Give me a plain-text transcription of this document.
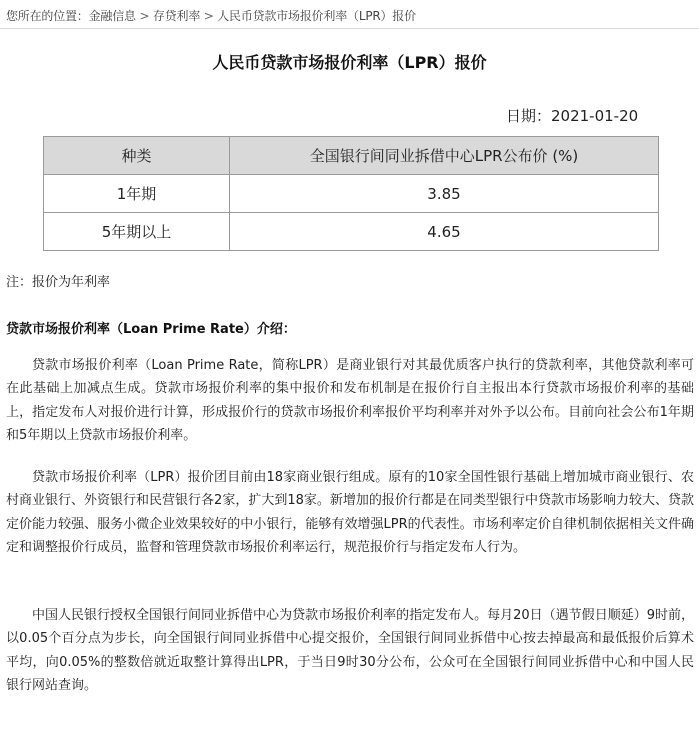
您所在的位置：金融信息 > 存贷利率 > 人民币贷款市场报价利率（LPR）报价
人民币贷款市场报价利率（LPR）报价
日期：2021-01-20
种类	全国银行间同业拆借中心LPR公布价 (%)
1年期	3.85
5年期以上	4.65
注：报价为年利率
贷款市场报价利率（Loan Prime Rate）介绍：

贷款市场报价利率（Loan Prime Rate，简称LPR）是商业银行对其最优质客户执行的贷款利率，其他贷款利率可在此基础上加减点生成。贷款市场报价利率的集中报价和发布机制是在报价行自主报出本行贷款市场报价利率的基础上，指定发布人对报价进行计算，形成报价行的贷款市场报价利率报价平均利率并对外予以公布。目前向社会公布1年期和5年期以上贷款市场报价利率。

贷款市场报价利率（LPR）报价团目前由18家商业银行组成。原有的10家全国性银行基础上增加城市商业银行、农村商业银行、外资银行和民营银行各2家，扩大到18家。新增加的报价行都是在同类型银行中贷款市场影响力较大、贷款定价能力较强、服务小微企业效果较好的中小银行，能够有效增强LPR的代表性。市场利率定价自律机制依据相关文件确定和调整报价行成员，监督和管理贷款市场报价利率运行，规范报价行与指定发布人行为。

中国人民银行授权全国银行间同业拆借中心为贷款市场报价利率的指定发布人。每月20日（遇节假日顺延）9时前，以0.05个百分点为步长，向全国银行间同业拆借中心提交报价，全国银行间同业拆借中心按去掉最高和最低报价后算术平均，向0.05%的整数倍就近取整计算得出LPR，于当日9时30分公布，公众可在全国银行间同业拆借中心和中国人民银行网站查询。
